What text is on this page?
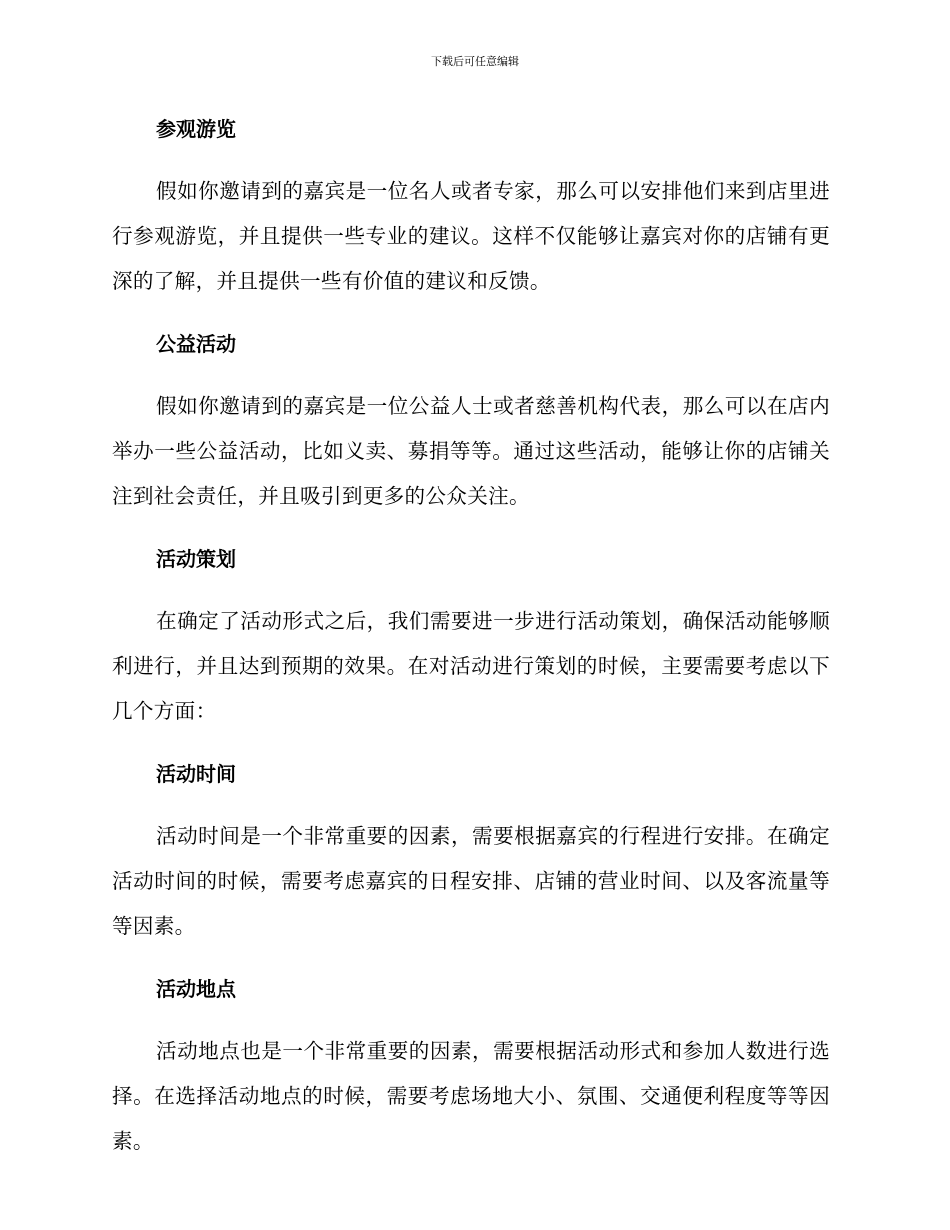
下载后可任意编辑
参观游览

假如你邀请到的嘉宾是一位名人或者专家，那么可以安排他们来到店里进行参观游览，并且提供一些专业的建议。这样不仅能够让嘉宾对你的店铺有更深的了解，并且提供一些有价值的建议和反馈。

公益活动

假如你邀请到的嘉宾是一位公益人士或者慈善机构代表，那么可以在店内举办一些公益活动，比如义卖、募捐等等。通过这些活动，能够让你的店铺关注到社会责任，并且吸引到更多的公众关注。

活动策划

在确定了活动形式之后，我们需要进一步进行活动策划，确保活动能够顺利进行，并且达到预期的效果。在对活动进行策划的时候，主要需要考虑以下几个方面：

活动时间

活动时间是一个非常重要的因素，需要根据嘉宾的行程进行安排。在确定活动时间的时候，需要考虑嘉宾的日程安排、店铺的营业时间、以及客流量等等因素。

活动地点

活动地点也是一个非常重要的因素，需要根据活动形式和参加人数进行选择。在选择活动地点的时候，需要考虑场地大小、氛围、交通便利程度等等因素。
